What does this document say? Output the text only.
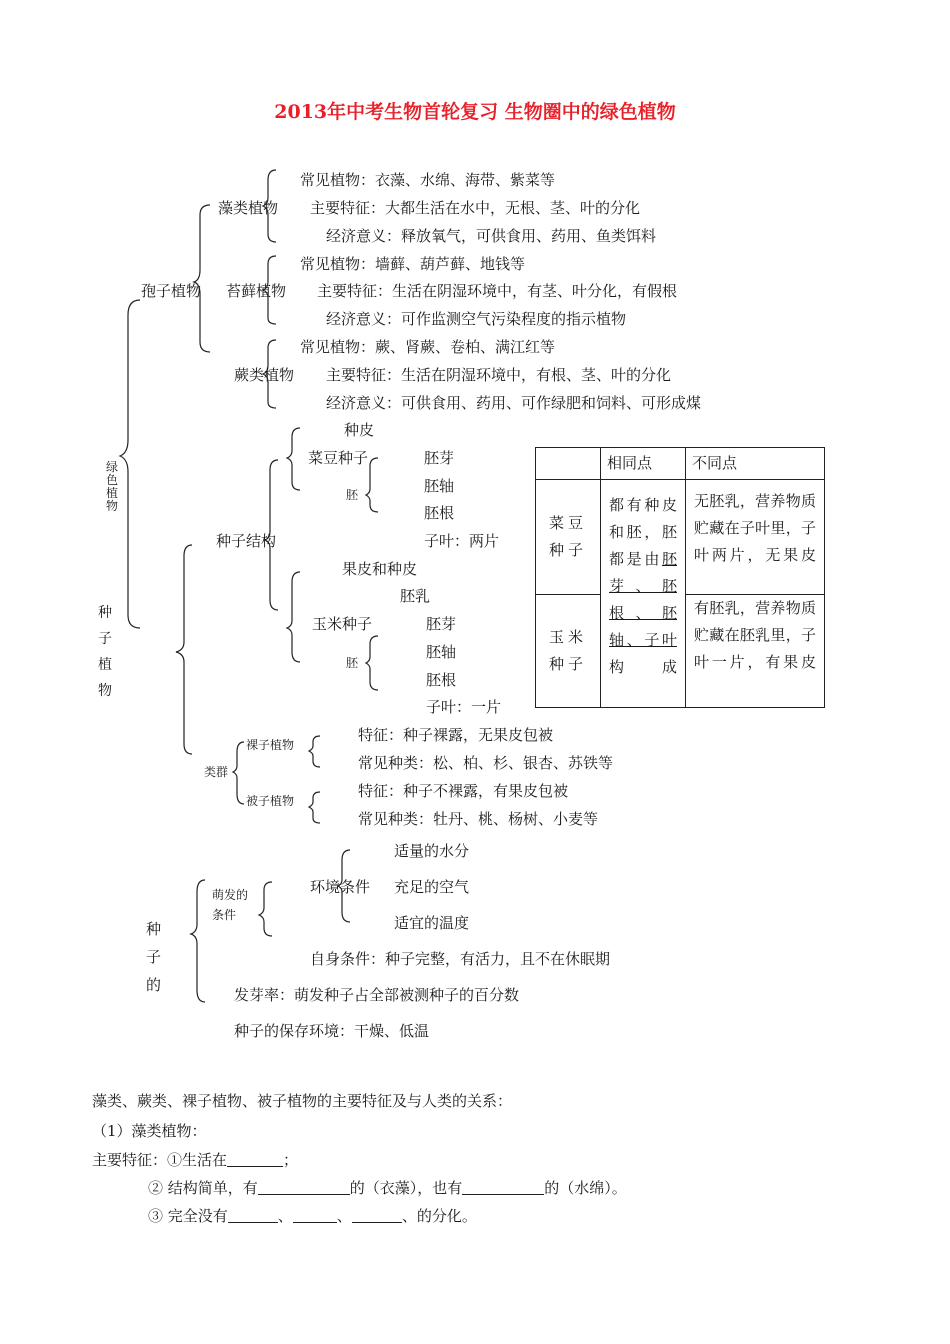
2013年中考生物首轮复习 生物圈中的绿色植物
绿色植物
孢子植物
藻类植物
常见植物：衣藻、水绵、海带、紫菜等
主要特征：大都生活在水中，无根、茎、叶的分化
经济意义：释放氧气，可供食用、药用、鱼类饵料
苔藓植物
常见植物：墙藓、葫芦藓、地钱等
主要特征：生活在阴湿环境中，有茎、叶分化，有假根
经济意义：可作监测空气污染程度的指示植物
蕨类植物
常见植物：蕨、肾蕨、卷柏、满江红等
主要特征：生活在阴湿环境中，有根、茎、叶的分化
经济意义：可供食用、药用、可作绿肥和饲料、可形成煤
种子植物
种子结构
种皮
菜豆种子
胚
胚芽
胚轴
胚根
子叶：两片
果皮和种皮
胚乳
玉米种子
胚
胚芽
胚轴
胚根
子叶：一片
类群
裸子植物
特征：种子裸露，无果皮包被
常见种类：松、柏、杉、银杏、苏铁等
被子植物
特征：种子不裸露，有果皮包被
常见种类：牡丹、桃、杨树、小麦等
	相同点	不同点
菜豆种子	都有种皮和胚，胚都是由胚芽、胚根、胚轴、子叶构成	无胚乳，营养物质贮藏在子叶里，子叶两片，无果皮

玉米种子		有胚乳，营养物质贮藏在胚乳里，子叶一片，有果皮
种子的
萌发的条件
环境条件
适量的水分
充足的空气
适宜的温度
自身条件：种子完整，有活力，且不在休眠期
发芽率：萌发种子占全部被测种子的百分数
种子的保存环境：干燥、低温
藻类、蕨类、裸子植物、被子植物的主要特征及与人类的关系：
（1）藻类植物：
主要特征：①生活在	；
② 结构简单，有	的（衣藻），也有	的（水绵）。
③ 完全没有	、	、	、的分化。
